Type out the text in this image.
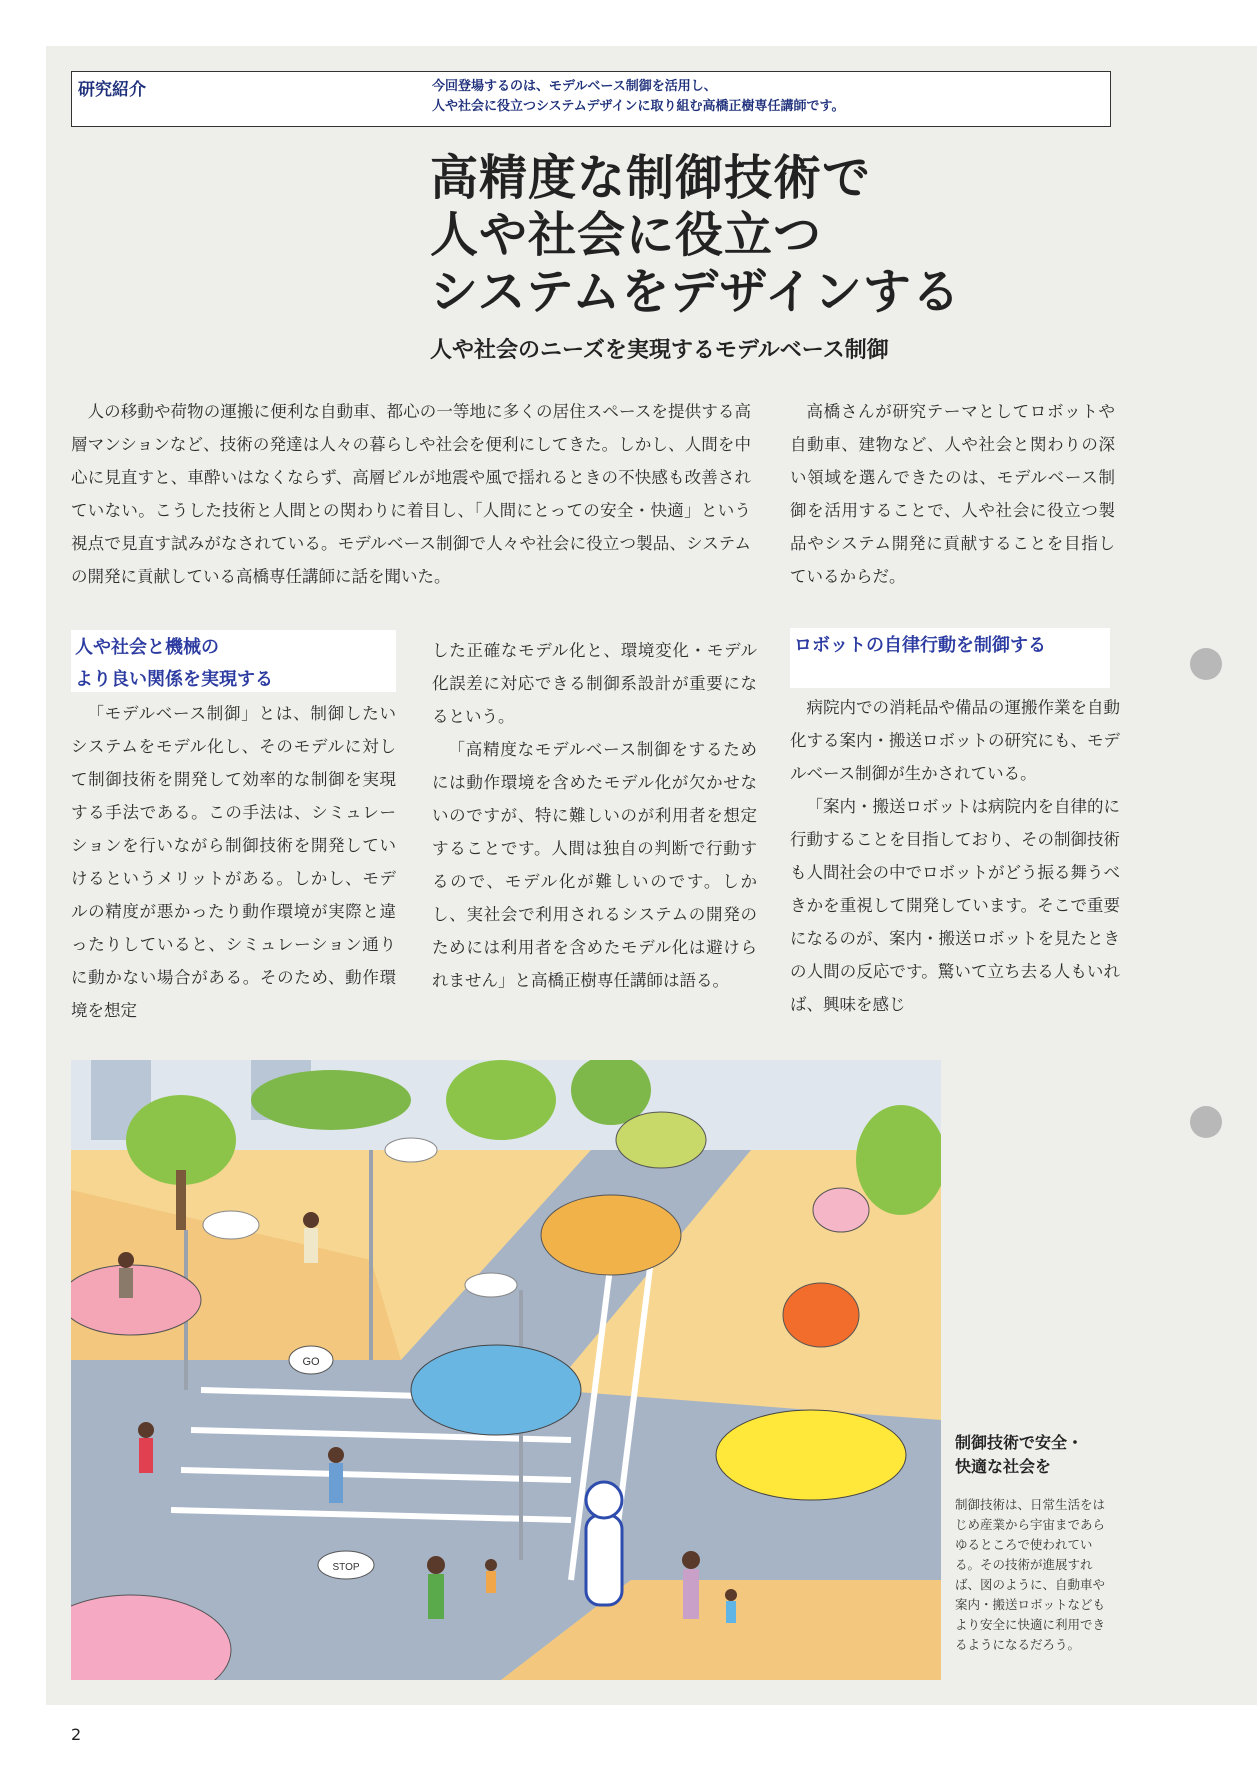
研究紹介	今回登場するのは、モデルベース制御を活用し、
人や社会に役立つシステムデザインに取り組む高橋正樹専任講師です。
高精度な制御技術で
人や社会に役立つ
システムをデザインする
人や社会のニーズを実現するモデルベース制御

人の移動や荷物の運搬に便利な自動車、都心の一等地に多くの居住スペースを提供する高層マンションなど、技術の発達は人々の暮らしや社会を便利にしてきた。しかし、人間を中心に見直すと、車酔いはなくならず、高層ビルが地震や風で揺れるときの不快感も改善されていない。こうした技術と人間との関わりに着目し、「人間にとっての安全・快適」という視点で見直す試みがなされている。モデルベース制御で人々や社会に役立つ製品、システムの開発に貢献している高橋専任講師に話を聞いた。

高橋さんが研究テーマとしてロボットや自動車、建物など、人や社会と関わりの深い領域を選んできたのは、モデルベース制御を活用することで、人や社会に役立つ製品やシステム開発に貢献することを目指しているからだ。

人や社会と機械の
より良い関係を実現する

「モデルベース制御」とは、制御したいシステムをモデル化し、そのモデルに対して制御技術を開発して効率的な制御を実現する手法である。この手法は、シミュレーションを行いながら制御技術を開発していけるというメリットがある。しかし、モデルの精度が悪かったり動作環境が実際と違ったりしていると、シミュレーション通りに動かない場合がある。そのため、動作環境を想定

した正確なモデル化と、環境変化・モデル化誤差に対応できる制御系設計が重要になるという。

「高精度なモデルベース制御をするためには動作環境を含めたモデル化が欠かせないのですが、特に難しいのが利用者を想定することです。人間は独自の判断で行動するので、モデル化が難しいのです。しかし、実社会で利用されるシステムの開発のためには利用者を含めたモデル化は避けられません」と高橋正樹専任講師は語る。

ロボットの自律行動を制御する

病院内での消耗品や備品の運搬作業を自動化する案内・搬送ロボットの研究にも、モデルベース制御が生かされている。

「案内・搬送ロボットは病院内を自律的に行動することを目指しており、その制御技術も人間社会の中でロボットがどう振る舞うべきかを重視して開発しています。そこで重要になるのが、案内・搬送ロボットを見たときの人間の反応です。驚いて立ち去る人もいれば、興味を感じ

GO
STOP
制御技術で安全・
快適な社会を
制御技術は、日常生活をはじめ産業から宇宙まであらゆるところで使われている。その技術が進展すれば、図のように、自動車や案内・搬送ロボットなどもより安全に快適に利用できるようになるだろう。
2
